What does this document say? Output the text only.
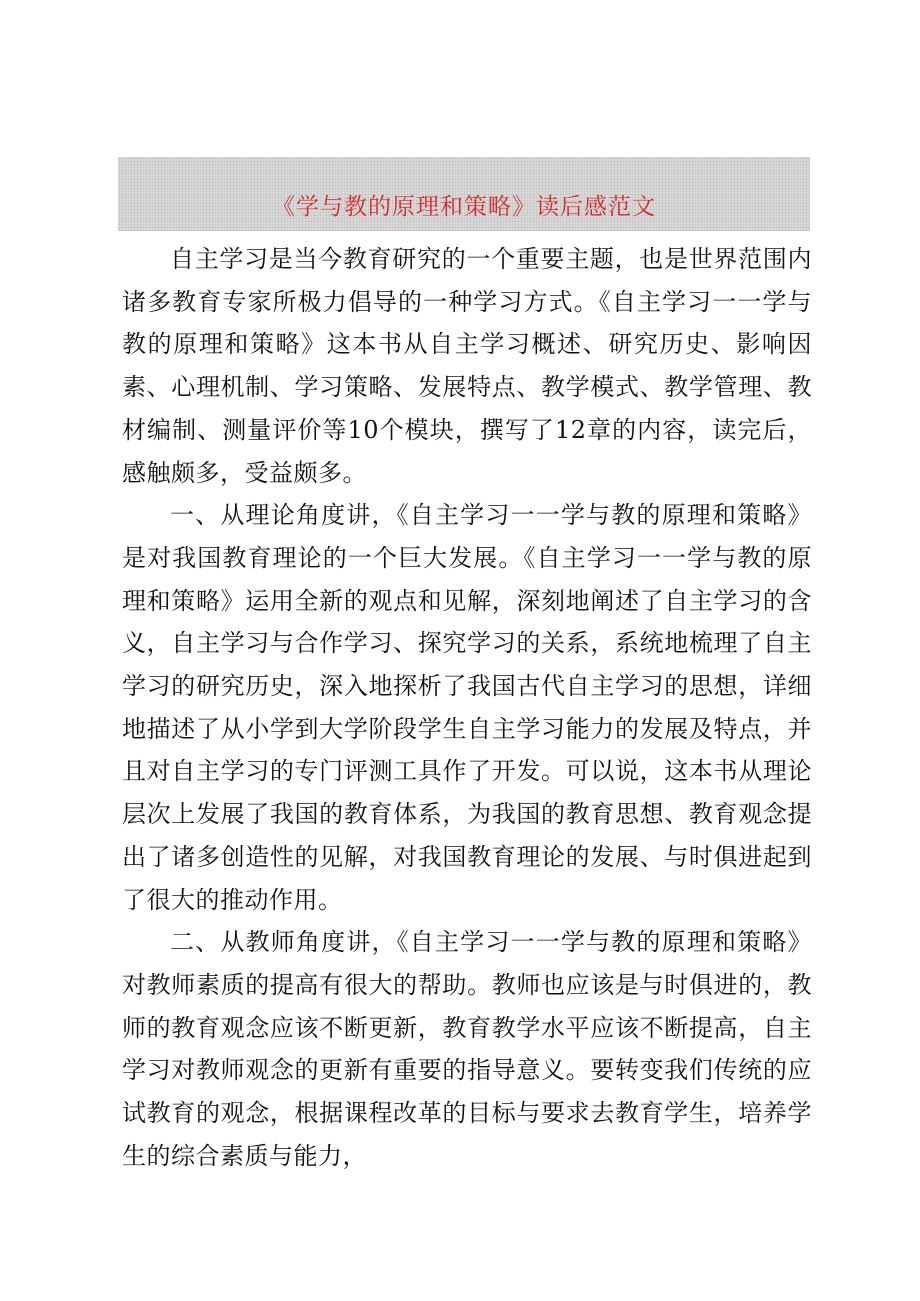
《学与教的原理和策略》读后感范文

自主学习是当今教育研究的一个重要主题，也是世界范围内诸多教育专家所极力倡导的一种学习方式。《自主学习一一学与教的原理和策略》这本书从自主学习概述、研究历史、影响因素、心理机制、学习策略、发展特点、教学模式、教学管理、教材编制、测量评价等10个模块，撰写了12章的内容，读完后，感触颇多，受益颇多。

一、从理论角度讲，《自主学习一一学与教的原理和策略》是对我国教育理论的一个巨大发展。《自主学习一一学与教的原理和策略》运用全新的观点和见解，深刻地阐述了自主学习的含义，自主学习与合作学习、探究学习的关系，系统地梳理了自主学习的研究历史，深入地探析了我国古代自主学习的思想，详细地描述了从小学到大学阶段学生自主学习能力的发展及特点，并且对自主学习的专门评测工具作了开发。可以说，这本书从理论层次上发展了我国的教育体系，为我国的教育思想、教育观念提出了诸多创造性的见解，对我国教育理论的发展、与时俱进起到了很大的推动作用。

二、从教师角度讲，《自主学习一一学与教的原理和策略》对教师素质的提高有很大的帮助。教师也应该是与时俱进的，教师的教育观念应该不断更新，教育教学水平应该不断提高，自主学习对教师观念的更新有重要的指导意义。要转变我们传统的应试教育的观念，根据课程改革的目标与要求去教育学生，培养学生的综合素质与能力，
